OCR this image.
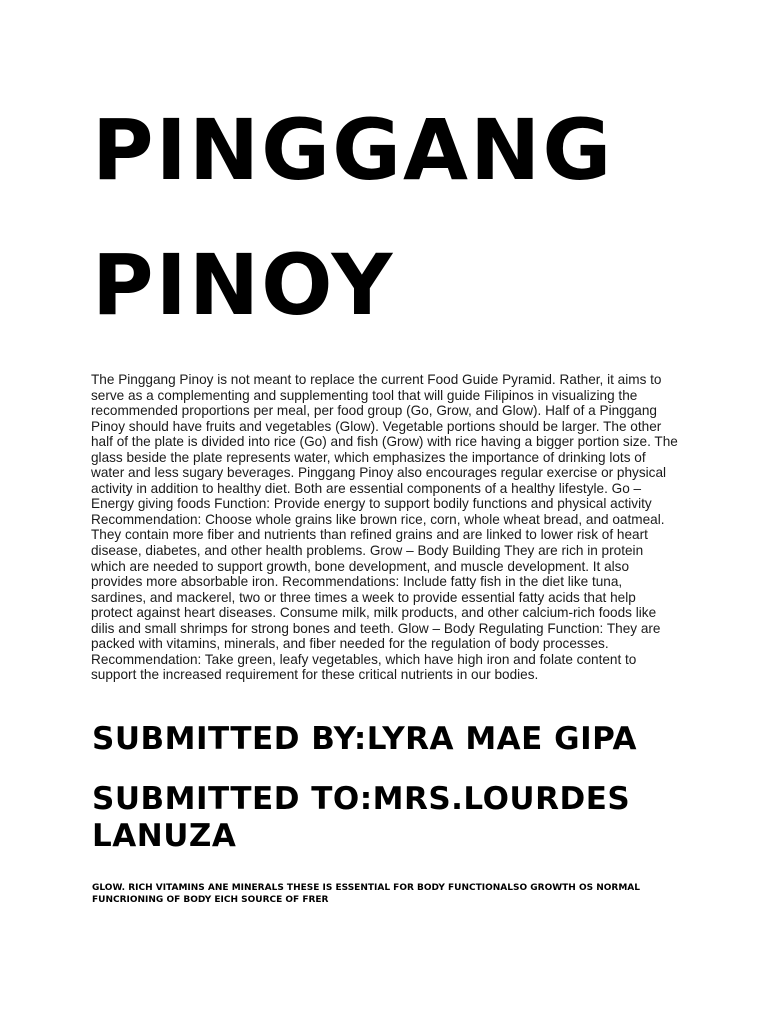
PINGGANG
PINOY

The Pinggang Pinoy is not meant to replace the current Food Guide Pyramid. Rather, it aims to serve as a complementing and supplementing tool that will guide Filipinos in visualizing the recommended proportions per meal, per food group (Go, Grow, and Glow). Half of a Pinggang Pinoy should have fruits and vegetables (Glow). Vegetable portions should be larger. The other half of the plate is divided into rice (Go) and fish (Grow) with rice having a bigger portion size. The glass beside the plate represents water, which emphasizes the importance of drinking lots of water and less sugary beverages. Pinggang Pinoy also encourages regular exercise or physical activity in addition to healthy diet. Both are essential components of a healthy lifestyle. Go – Energy giving foods Function: Provide energy to support bodily functions and physical activity Recommendation: Choose whole grains like brown rice, corn, whole wheat bread, and oatmeal. They contain more fiber and nutrients than refined grains and are linked to lower risk of heart disease, diabetes, and other health problems. Grow – Body Building They are rich in protein which are needed to support growth, bone development, and muscle development. It also provides more absorbable iron. Recommendations: Include fatty fish in the diet like tuna, sardines, and mackerel, two or three times a week to provide essential fatty acids that help protect against heart diseases. Consume milk, milk products, and other calcium-rich foods like dilis and small shrimps for strong bones and teeth. Glow – Body Regulating Function: They are packed with vitamins, minerals, and fiber needed for the regulation of body processes. Recommendation: Take green, leafy vegetables, which have high iron and folate content to support the increased requirement for these critical nutrients in our bodies.

SUBMITTED BY:LYRA MAE GIPA
SUBMITTED TO:MRS.LOURDES LANUZA

GLOW. RICH VITAMINS ANE MINERALS THESE IS ESSENTIAL FOR BODY FUNCTIONALSO GROWTH OS NORMAL FUNCRIONING OF BODY EICH SOURCE OF FRER
